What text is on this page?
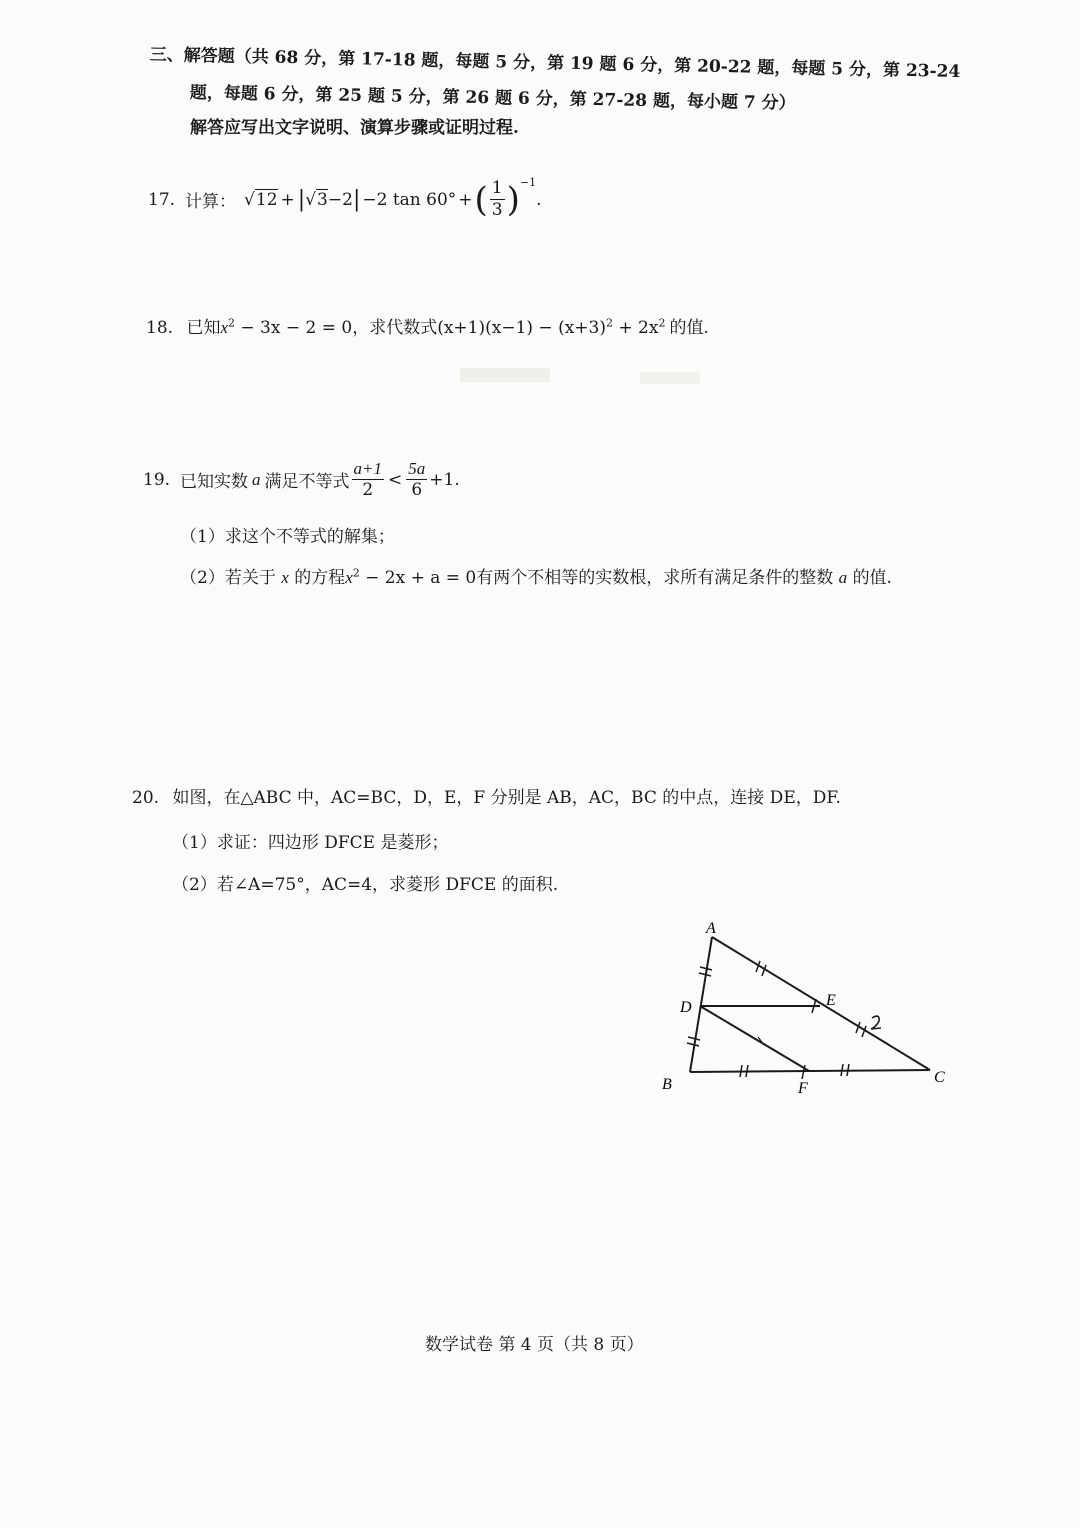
三、解答题（共 68 分，第 17-18 题，每题 5 分，第 19 题 6 分，第 20-22 题，每题 5 分，第 23-24
题，每题 6 分，第 25 题 5 分，第 26 题 6 分，第 27-28 题，每小题 7 分）
解答应写出文字说明、演算步骤或证明过程.
17. 计算： √ 12 + | √ 3 −2 | −2 tan 60° + ( $\frac{1}{3} )^{-1}$
.
18. 已知$x^2 - 3x - 2 = 0$，求代数式$(x+1)(x-1) - (x+3)^2 + 2x^2$ 的值.
19. 已知实数 a 满足不等式 $\frac{a+1}{2} < \frac{5a}{6} +1$.
（1）求这个不等式的解集；
（2）若关于 x 的方程$x^2 - 2x + a = 0$有两个不相等的实数根，求所有满足条件的整数 a 的值.
20. 如图，在△ABC 中，AC=BC，D，E，F 分别是 AB，AC，BC 的中点，连接 DE，DF.
（1）求证：四边形 DFCE 是菱形；
（2）若∠A=75°，AC=4，求菱形 DFCE 的面积.
A
B	C
D	E
F
数学试卷 第 4 页（共 8 页）
